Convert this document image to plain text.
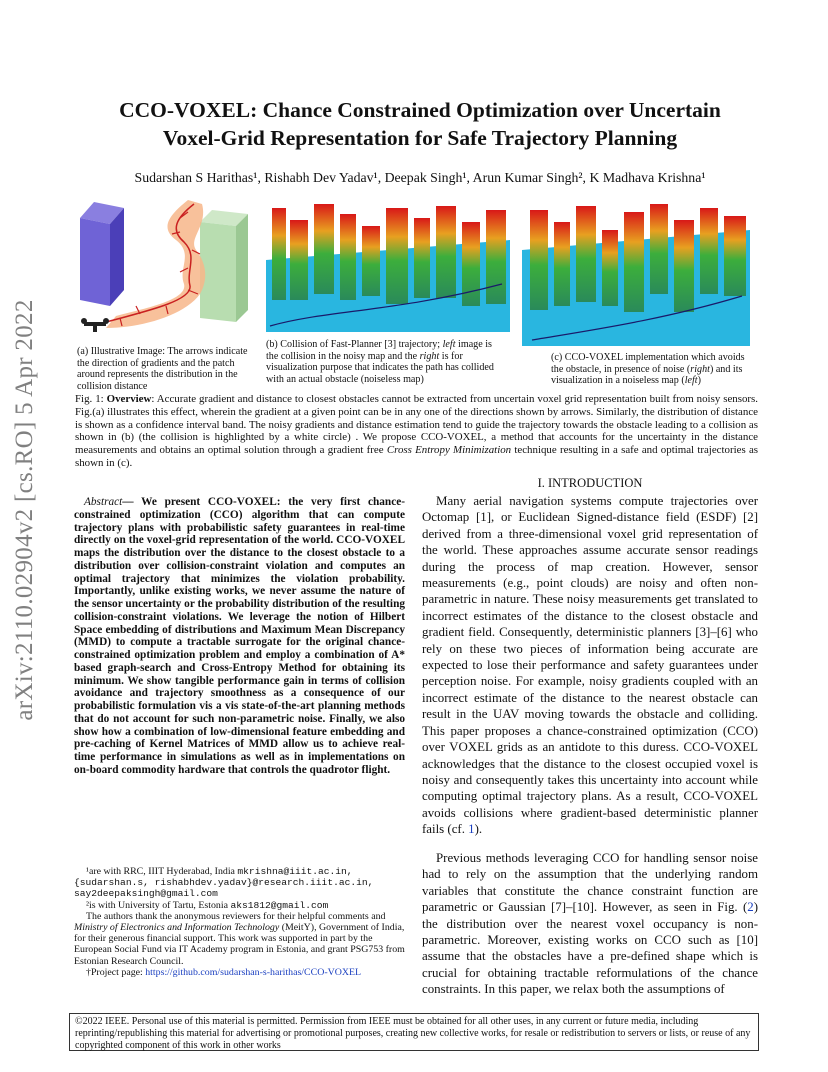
arXiv:2110.02904v2 [cs.RO] 5 Apr 2022
CCO-VOXEL: Chance Constrained Optimization over Uncertain
Voxel-Grid Representation for Safe Trajectory Planning
Sudarshan S Harithas¹, Rishabh Dev Yadav¹, Deepak Singh¹, Arun Kumar Singh², K Madhava Krishna¹
(a) Illustrative Image: The arrows indicate the direction of gradients and the patch around represents the distribution in the collision distance
(b) Collision of Fast-Planner [3] trajectory; left image is the collision in the noisy map and the right is for visualization purpose that indicates the path has collided with an actual obstacle (noiseless map)
(c) CCO-VOXEL implementation which avoids the obstacle, in presence of noise (right) and its visualization in a noiseless map (left)
Fig. 1: Overview: Accurate gradient and distance to closest obstacles cannot be extracted from uncertain voxel grid representation built from noisy sensors. Fig.(a) illustrates this effect, wherein the gradient at a given point can be in any one of the directions shown by arrows. Similarly, the distribution of distance is shown as a confidence interval band. The noisy gradients and distance estimation tend to guide the trajectory towards the obstacle leading to a collision as shown in (b) (the collision is highlighted by a white circle) . We propose CCO-VOXEL, a method that accounts for the uncertainty in the distance measurements and obtains an optimal solution through a gradient free Cross Entropy Minimization technique resulting in a safe and optimal trajectories as shown in (c).
Abstract— We present CCO-VOXEL: the very first chance-constrained optimization (CCO) algorithm that can compute trajectory plans with probabilistic safety guarantees in real-time directly on the voxel-grid representation of the world. CCO-VOXEL maps the distribution over the distance to the closest obstacle to a distribution over collision-constraint violation and computes an optimal trajectory that minimizes the violation probability. Importantly, unlike existing works, we never assume the nature of the sensor uncertainty or the probability distribution of the resulting collision-constraint violations. We leverage the notion of Hilbert Space embedding of distributions and Maximum Mean Discrepancy (MMD) to compute a tractable surrogate for the original chance-constrained optimization problem and employ a combination of A* based graph-search and Cross-Entropy Method for obtaining its minimum. We show tangible performance gain in terms of collision avoidance and trajectory smoothness as a consequence of our probabilistic formulation vis a vis state-of-the-art planning methods that do not account for such non-parametric noise. Finally, we also show how a combination of low-dimensional feature embedding and pre-caching of Kernel Matrices of MMD allow us to achieve real-time performance in simulations as well as in implementations on on-board commodity hardware that controls the quadrotor flight.
I. INTRODUCTION
Many aerial navigation systems compute trajectories over Octomap [1], or Euclidean Signed-distance field (ESDF) [2] derived from a three-dimensional voxel grid representation of the world. These approaches assume accurate sensor readings during the process of map creation. However, sensor measurements (e.g., point clouds) are noisy and often non-parametric in nature. These noisy measurements get translated to incorrect estimates of the distance to the closest obstacle and gradient field. Consequently, deterministic planners [3]–[6] who rely on these two pieces of information being accurate are expected to lose their performance and safety guarantees under perception noise. For example, noisy gradients coupled with an incorrect estimate of the distance to the nearest obstacle can result in the UAV moving towards the obstacle and colliding. This paper proposes a chance-constrained optimization (CCO) over VOXEL grids as an antidote to this duress. CCO-VOXEL acknowledges that the distance to the closest occupied voxel is noisy and consequently takes this uncertainty into account while computing optimal trajectory plans. As a result, CCO-VOXEL avoids collisions where gradient-based deterministic planner fails (cf. 1).
Previous methods leveraging CCO for handling sensor noise had to rely on the assumption that the underlying random variables that constitute the chance constraint function are parametric or Gaussian [7]–[10]. However, as seen in Fig. (2) the distribution over the nearest voxel occupancy is non-parametric. Moreover, existing works on CCO such as [10] assume that the obstacles have a pre-defined shape which is crucial for obtaining tractable reformulations of the chance constraints. In this paper, we relax both the assumptions of
¹are with RRC, IIIT Hyderabad, India mkrishna@iiit.ac.in, {sudarshan.s, rishabhdev.yadav}@research.iiit.ac.in, say2deepaksingh@gmail.com
²is with University of Tartu, Estonia aks1812@gmail.com
The authors thank the anonymous reviewers for their helpful comments and Ministry of Electronics and Information Technology (MeitY), Government of India, for their generous financial support. This work was supported in part by the European Social Fund via IT Academy program in Estonia, and grant PSG753 from Estonian Research Council.
†Project page: https://github.com/sudarshan-s-harithas/CCO-VOXEL
©2022 IEEE. Personal use of this material is permitted. Permission from IEEE must be obtained for all other uses, in any current or future media, including reprinting/republishing this material for advertising or promotional purposes, creating new collective works, for resale or redistribution to servers or lists, or reuse of any copyrighted component of this work in other works
